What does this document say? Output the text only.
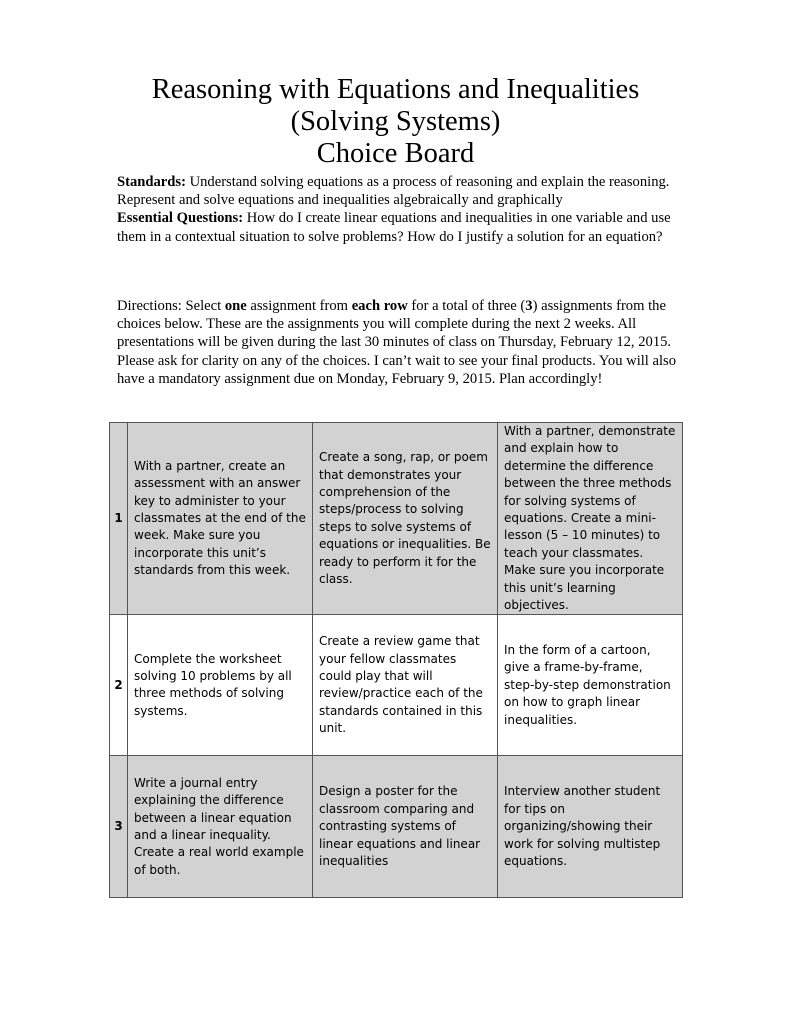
Reasoning with Equations and Inequalities
(Solving Systems)
Choice Board

Standards: Understand solving equations as a process of reasoning and explain the reasoning.

Represent and solve equations and inequalities algebraically and graphically

Essential Questions: How do I create linear equations and inequalities in one variable and use them in a contextual situation to solve problems? How do I justify a solution for an equation?

Directions: Select one assignment from each row for a total of three (3) assignments from the choices below. These are the assignments you will complete during the next 2 weeks. All presentations will be given during the last 30 minutes of class on Thursday, February 12, 2015. Please ask for clarity on any of the choices. I can’t wait to see your final products. You will also have a mandatory assignment due on Monday, February 9, 2015. Plan accordingly!

1	With a partner, create an assessment with an answer key to administer to your classmates at the end of the week. Make sure you incorporate this unit’s standards from this week.	Create a song, rap, or poem that demonstrates your comprehension of the steps/process to solving steps to solve systems of equations or inequalities. Be ready to perform it for the class.	With a partner, demonstrate and explain how to determine the difference between the three methods for solving systems of equations. Create a mini-lesson (5 – 10 minutes) to teach your classmates. Make sure you incorporate this unit’s learning objectives.

2	Complete the worksheet solving 10 problems by all three methods of solving systems.	Create a review game that your fellow classmates could play that will review/practice each of the standards contained in this unit.	In the form of a cartoon, give a frame-by-frame, step-by-step demonstration on how to graph linear inequalities.

3	Write a journal entry explaining the difference between a linear equation and a linear inequality. Create a real world example of both.	Design a poster for the classroom comparing and contrasting systems of linear equations and linear inequalities	Interview another student for tips on organizing/showing their work for solving multistep equations.
